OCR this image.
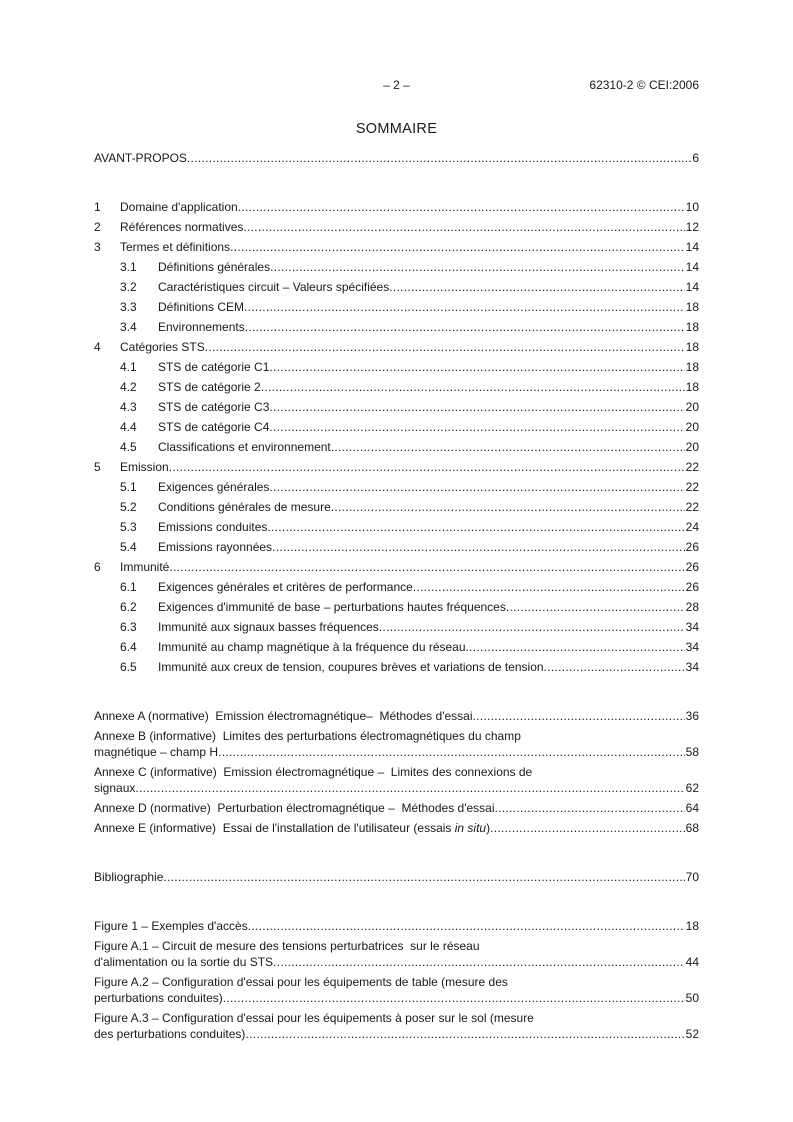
– 2 –	62310-2 © CEI:2006
SOMMAIRE
AVANT-PROPOS .....	6
1	Domaine d'application .....	10
2	Références normatives .....	12
3	Termes et définitions .....	14
3.1	Définitions générales .....	14
3.2	Caractéristiques circuit – Valeurs spécifiées .....	14
3.3	Définitions CEM .....	18
3.4	Environnements .....	18
4	Catégories STS .....	18
4.1	STS de catégorie C1 .....	18
4.2	STS de catégorie 2 .....	18
4.3	STS de catégorie C3 .....	20
4.4	STS de catégorie C4 .....	20
4.5	Classifications et environnement .....	20
5	Emission .....	22
5.1	Exigences générales .....	22
5.2	Conditions générales de mesure .....	22
5.3	Emissions conduites .....	24
5.4	Emissions rayonnées .....	26
6	Immunité .....	26
6.1	Exigences générales et critères de performance .....	26
6.2	Exigences d'immunité de base – perturbations hautes fréquences .....	28
6.3	Immunité aux signaux basses fréquences .....	34
6.4	Immunité au champ magnétique à la fréquence du réseau .....	34
6.5	Immunité aux creux de tension, coupures brèves et variations de tension .....	34
Annexe A (normative)  Emission électromagnétique–  Méthodes d'essai .....	36
Annexe B (informative)  Limites des perturbations électromagnétiques du champ
magnétique – champ H .....	58
Annexe C (informative)  Emission électromagnétique –  Limites des connexions de
signaux .....	62
Annexe D (normative)  Perturbation électromagnétique –  Méthodes d'essai .....	64
Annexe E (informative)  Essai de l'installation de l'utilisateur (essais in situ) .....	68
Bibliographie .....	70
Figure 1 – Exemples d'accès .....	18
Figure A.1 – Circuit de mesure des tensions perturbatrices  sur le réseau
d'alimentation ou la sortie du STS .....	44
Figure A.2 – Configuration d'essai pour les équipements de table (mesure des
perturbations conduites) .....	50
Figure A.3 – Configuration d'essai pour les équipements à poser sur le sol (mesure
des perturbations conduites) .....	52
